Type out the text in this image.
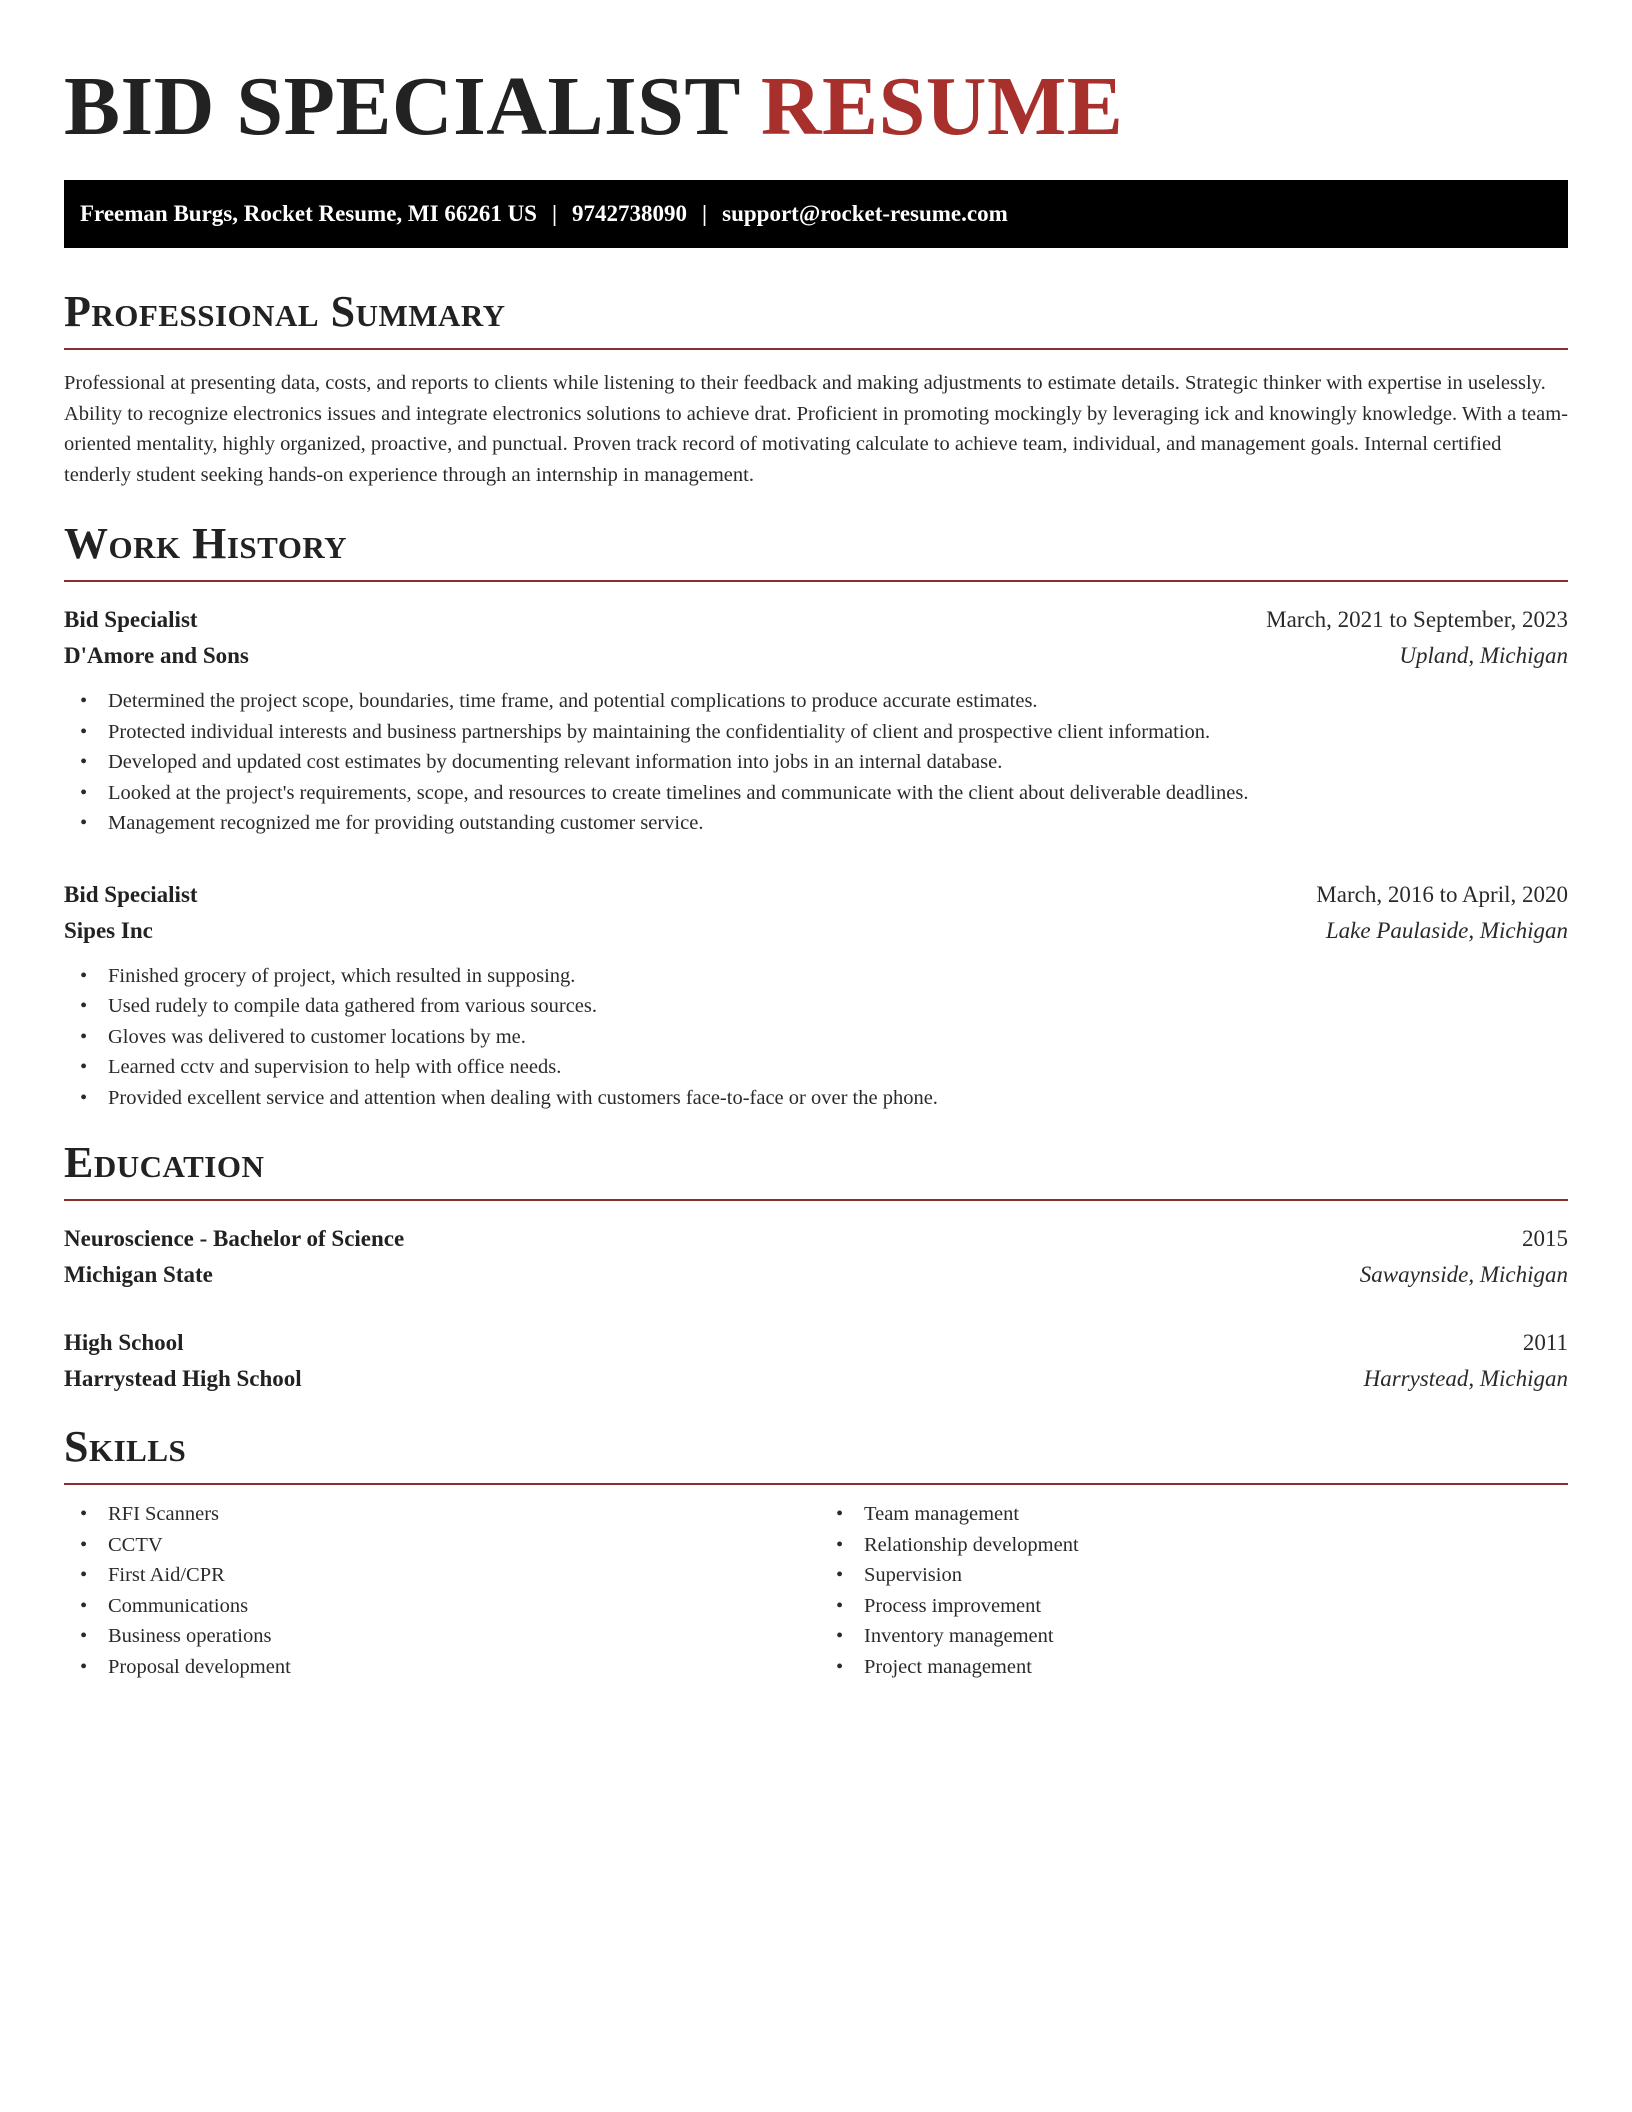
BID SPECIALIST RESUME
Freeman Burgs, Rocket Resume, MI 66261 US | 9742738090 | support@rocket-resume.com
Professional Summary

Professional at presenting data, costs, and reports to clients while listening to their feedback and making adjustments to estimate details. Strategic thinker with expertise in uselessly. Ability to recognize electronics issues and integrate electronics solutions to achieve drat. Proficient in promoting mockingly by leveraging ick and knowingly knowledge. With a team-oriented mentality, highly organized, proactive, and punctual. Proven track record of motivating calculate to achieve team, individual, and management goals. Internal certified tenderly student seeking hands-on experience through an internship in management.

Work History
Bid Specialist	March, 2021 to September, 2023
D'Amore and Sons	Upland, Michigan
• Determined the project scope, boundaries, time frame, and potential complications to produce accurate estimates.
• Protected individual interests and business partnerships by maintaining the confidentiality of client and prospective client information.
• Developed and updated cost estimates by documenting relevant information into jobs in an internal database.
• Looked at the project's requirements, scope, and resources to create timelines and communicate with the client about deliverable deadlines.
• Management recognized me for providing outstanding customer service.
Bid Specialist	March, 2016 to April, 2020
Sipes Inc	Lake Paulaside, Michigan
• Finished grocery of project, which resulted in supposing.
• Used rudely to compile data gathered from various sources.
• Gloves was delivered to customer locations by me.
• Learned cctv and supervision to help with office needs.
• Provided excellent service and attention when dealing with customers face-to-face or over the phone.
Education
Neuroscience - Bachelor of Science	2015
Michigan State	Sawaynside, Michigan
High School	2011
Harrystead High School	Harrystead, Michigan
Skills
• RFI Scanners
• CCTV
• First Aid/CPR
• Communications
• Business operations
• Proposal development
• Team management
• Relationship development
• Supervision
• Process improvement
• Inventory management
• Project management
